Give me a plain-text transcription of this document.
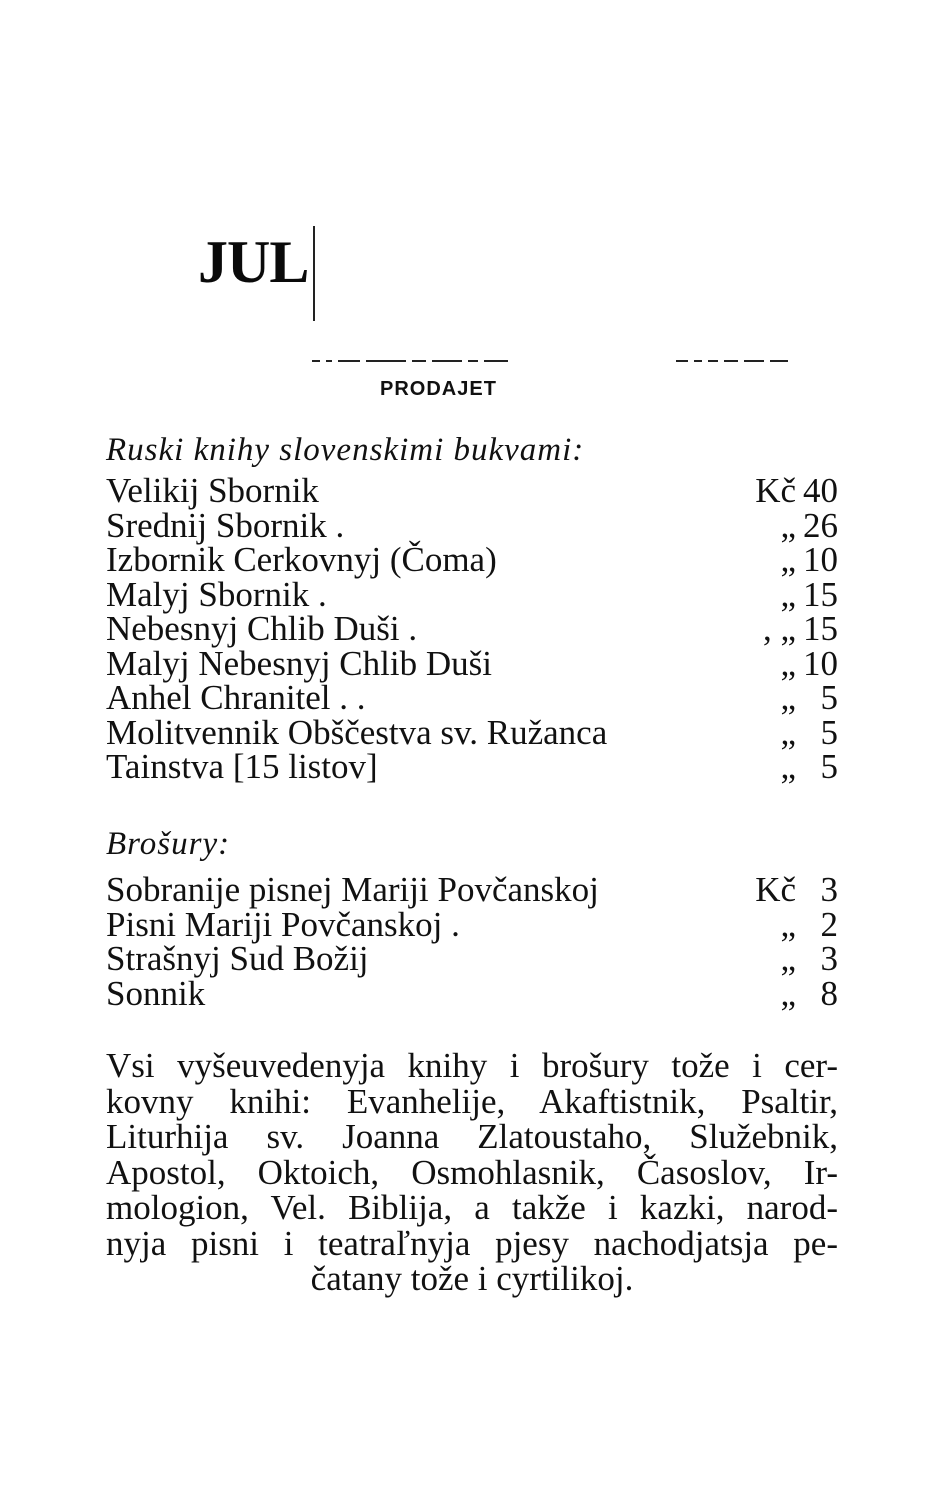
JUL
PRODAJET
Ruski knihy slovenskimi bukvami:
Velikij Sbornik	Kč 40
Srednij Sbornik .	„ 26
Izbornik Cerkovnyj (Čoma)	„ 10
Malyj Sbornik .	„ 15
Nebesnyj Chlib Duši .	, „ 15
Malyj Nebesnyj Chlib Duši	„ 10
Anhel Chranitel . .	„ 5
Molitvennik Obščestva sv. Ružanca	„ 5
Tainstva [15 listov]	„ 5
Brošury:
Sobranije pisnej Mariji Povčanskoj	Kč 3
Pisni Mariji Povčanskoj .	„ 2
Strašnyj Sud Božij	„ 3
Sonnik	„ 8
Vsi vyšeuvedenyja knihy i brošury tože i cer-
kovny knihi: Evanhelije, Akaftistnik, Psaltir,
Liturhija sv. Joanna Zlatoustaho, Služebnik,
Apostol, Oktoich, Osmohlasnik, Časoslov, Ir-
mologion, Vel. Biblija, a takže i kazki, narod-
nyja pisni i teatraľnyja pjesy nachodjatsja pe-
čatany tože i cyrtilikoj.
